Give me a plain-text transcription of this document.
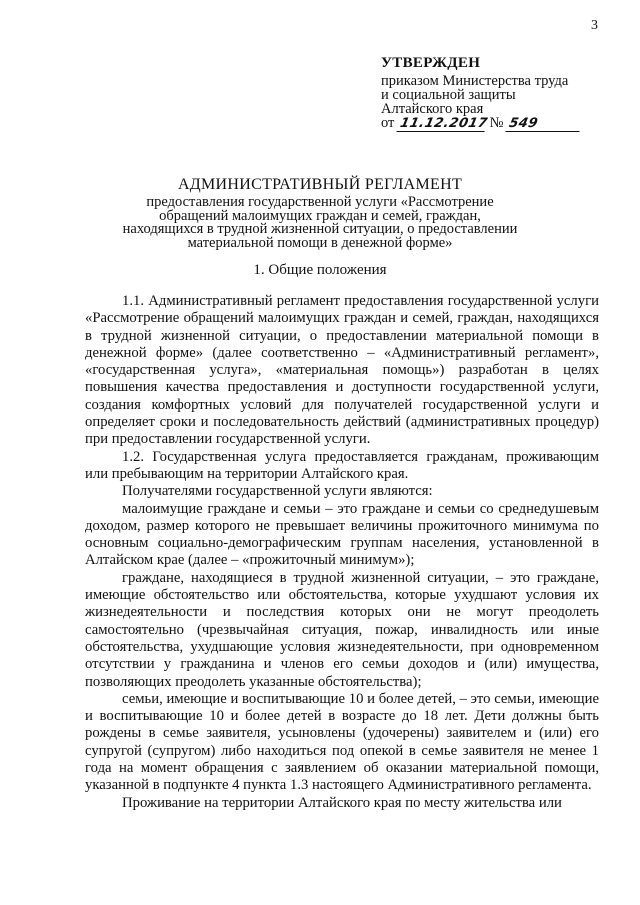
3
УТВЕРЖДЕН
приказом Министерства труда
и социальной защиты
Алтайского края
от 11.12.2017 № 549
АДМИНИСТРАТИВНЫЙ РЕГЛАМЕНТ
предоставления государственной услуги «Рассмотрение обращений малоимущих граждан и семей, граждан, находящихся в трудной жизненной ситуации, о предоставлении материальной помощи в денежной форме»
1. Общие положения

1.1. Административный регламент предоставления государственной услуги «Рассмотрение обращений малоимущих граждан и семей, граждан, находящихся в трудной жизненной ситуации, о предоставлении материальной помощи в денежной форме» (далее соответственно – «Административный регламент», «государственная услуга», «материальная помощь») разработан в целях повышения качества предоставления и доступности государственной услуги, создания комфортных условий для получателей государственной услуги и определяет сроки и последовательность действий (административных процедур) при предоставлении государственной услуги.

1.2. Государственная услуга предоставляется гражданам, проживающим или пребывающим на территории Алтайского края.

Получателями государственной услуги являются:

малоимущие граждане и семьи – это граждане и семьи со среднедушевым доходом, размер которого не превышает величины прожиточного минимума по основным социально-демографическим группам населения, установленной в Алтайском крае (далее – «прожиточный минимум»);

граждане, находящиеся в трудной жизненной ситуации, – это граждане, имеющие обстоятельство или обстоятельства, которые ухудшают условия их жизнедеятельности и последствия которых они не могут преодолеть самостоятельно (чрезвычайная ситуация, пожар, инвалидность или иные обстоятельства, ухудшающие условия жизнедеятельности, при одновременном отсутствии у гражданина и членов его семьи доходов и (или) имущества, позволяющих преодолеть указанные обстоятельства);

семьи, имеющие и воспитывающие 10 и более детей, – это семьи, имеющие и воспитывающие 10 и более детей в возрасте до 18 лет. Дети должны быть рождены в семье заявителя, усыновлены (удочерены) заявителем и (или) его супругой (супругом) либо находиться под опекой в семье заявителя не менее 1 года на момент обращения с заявлением об оказании материальной помощи, указанной в подпункте 4 пункта 1.3 настоящего Административного регламента.

Проживание на территории Алтайского края по месту жительства или
